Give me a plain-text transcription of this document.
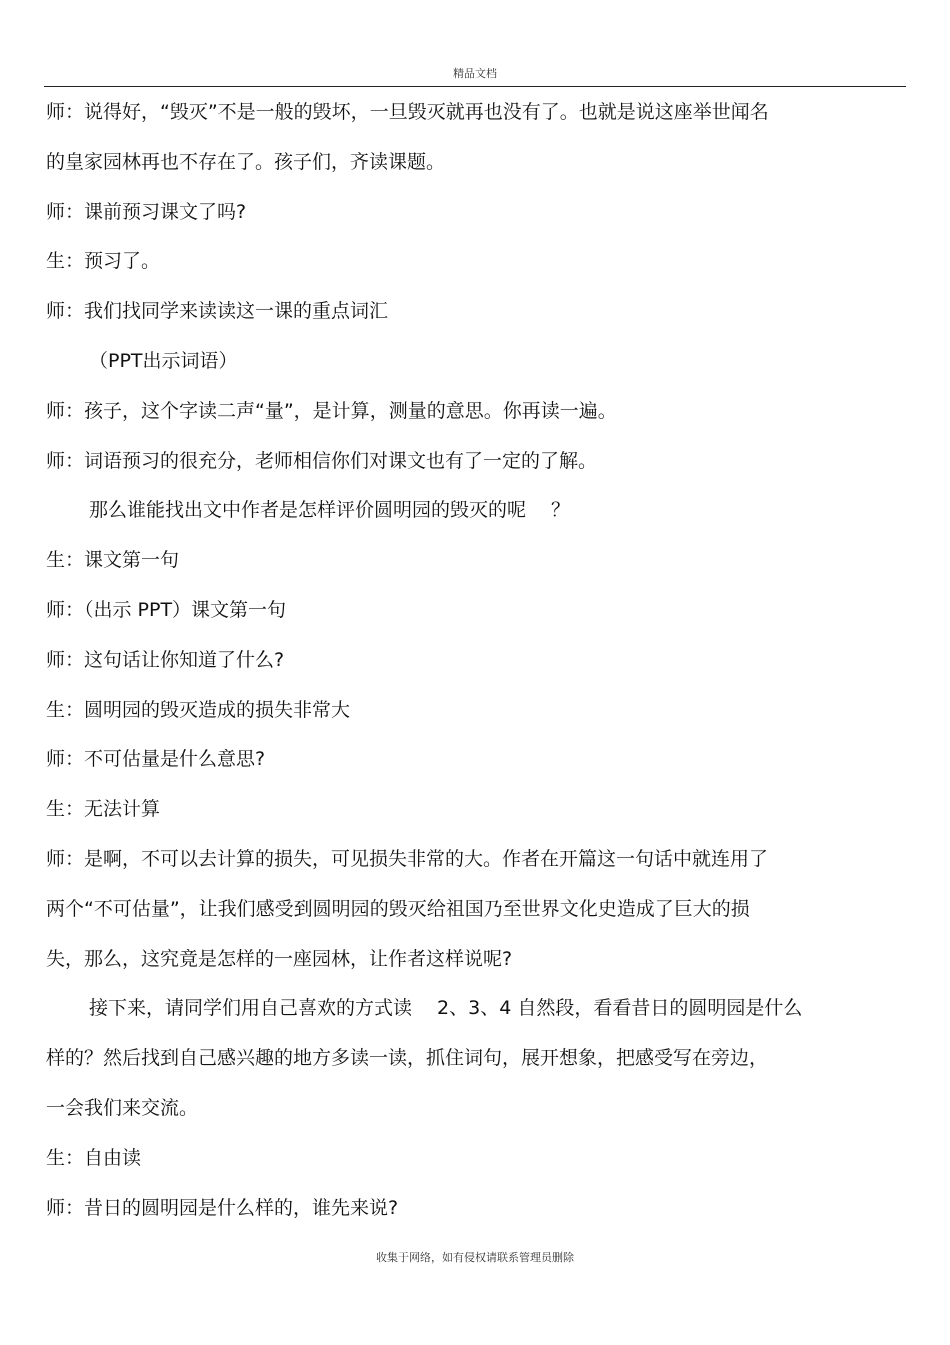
精品文档
师：说得好，“毁灭”不是一般的毁坏，一旦毁灭就再也没有了。也就是说这座举世闻名
的皇家园林再也不存在了。孩子们，齐读课题。
师：课前预习课文了吗?
生：预习了。
师：我们找同学来读读这一课的重点词汇
（PPT出示词语）
师：孩子，这个字读二声“量”，是计算，测量的意思。你再读一遍。
师：词语预习的很充分，老师相信你们对课文也有了一定的了解。
那么谁能找出文中作者是怎样评价圆明园的毁灭的呢　 ？
生：课文第一句
师：（出示 PPT）课文第一句
师：这句话让你知道了什么?
生：圆明园的毁灭造成的损失非常大
师：不可估量是什么意思?
生：无法计算
师：是啊，不可以去计算的损失，可见损失非常的大。作者在开篇这一句话中就连用了
两个“不可估量”，让我们感受到圆明园的毁灭给祖国乃至世界文化史造成了巨大的损
失，那么，这究竟是怎样的一座园林，让作者这样说呢?
接下来，请同学们用自己喜欢的方式读　 2、3、4 自然段，看看昔日的圆明园是什么
样的？然后找到自己感兴趣的地方多读一读，抓住词句，展开想象，把感受写在旁边，
一会我们来交流。
生：自由读
师：昔日的圆明园是什么样的，谁先来说?
收集于网络，如有侵权请联系管理员删除
